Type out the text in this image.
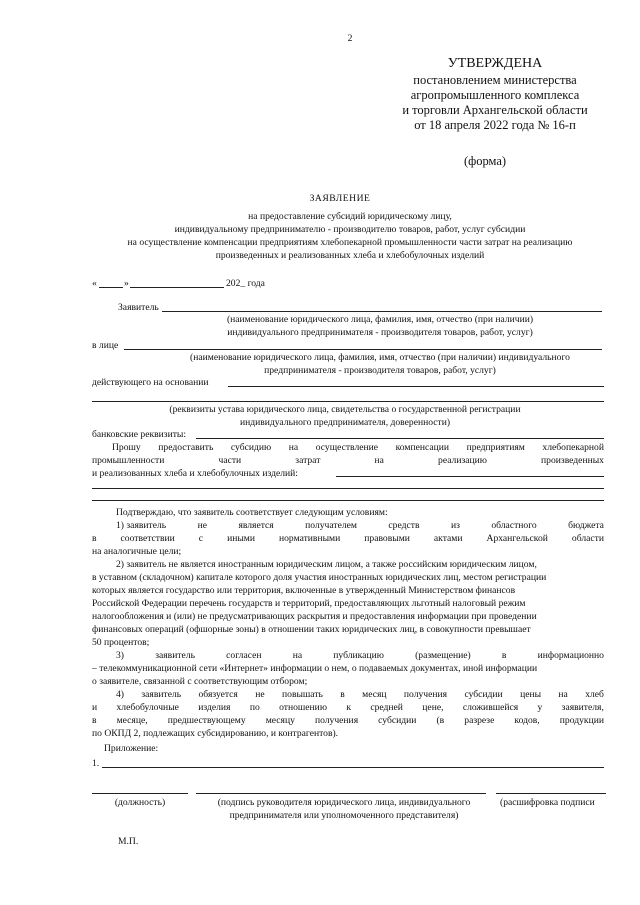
2
УТВЕРЖДЕНА
постановлением министерства
агропромышленного комплекса
и торговли Архангельской области
от 18 апреля 2022 года № 16-п
(форма)
ЗАЯВЛЕНИЕ
на предоставление субсидий юридическому лицу,
индивидуальному предпринимателю - производителю товаров, работ, услуг субсидии
на осуществление компенсации предприятиям хлебопекарной промышленности части затрат на реализацию
произведенных и реализованных хлеба и хлебобулочных изделий
«	»	202_ года
Заявитель
(наименование юридического лица, фамилия, имя, отчество (при наличии)
индивидуального предпринимателя - производителя товаров, работ, услуг)
в лице
(наименование юридического лица, фамилия, имя, отчество (при наличии) индивидуального
предпринимателя - производителя товаров, работ, услуг)
действующего на основании
(реквизиты устава юридического лица, свидетельства о государственной регистрации
индивидуального предпринимателя, доверенности)
банковские реквизиты:
Прошу предоставить субсидию на осуществление компенсации предприятиям хлебопекарной
промышленности	части	затрат	на	реализацию	произведенных
и реализованных хлеба и хлебобулочных изделий:
Подтверждаю, что заявитель соответствует следующим условиям:
1) заявитель	не	является	получателем	средств	из	областного	бюджета
в	соответствии	с	иными	нормативными	правовыми	актами	Архангельской	области
на аналогичные цели;
2) заявитель не является иностранным юридическим лицом, а также российским юридическим лицом,
в уставном (складочном) капитале которого доля участия иностранных юридических лиц, местом регистрации
которых является государство или территория, включенные в утвержденный Министерством финансов
Российской Федерации перечень государств и территорий, предоставляющих льготный налоговый режим
налогообложения и (или) не предусматривающих раскрытия и предоставления информации при проведении
финансовых операций (офшорные зоны) в отношении таких юридических лиц, в совокупности превышает
50 процентов;
3)	заявитель	согласен	на	публикацию	(размещение)	в	информационно
– телекоммуникационной сети «Интернет» информации о нем, о подаваемых документах, иной информации
о заявителе, связанной с соответствующим отбором;
4) заявитель обязуется не повышать в месяц получения субсидии цены на хлеб
и хлебобулочные изделия по отношению к средней цене, сложившейся у заявителя,
в месяце, предшествующему месяцу получения субсидии (в разрезе кодов, продукции
по ОКПД 2, подлежащих субсидированию, и контрагентов).
Приложение:
1.
(должность)	(подпись руководителя юридического лица, индивидуального
предпринимателя или уполномоченного представителя)
(расшифровка подписи
М.П.
